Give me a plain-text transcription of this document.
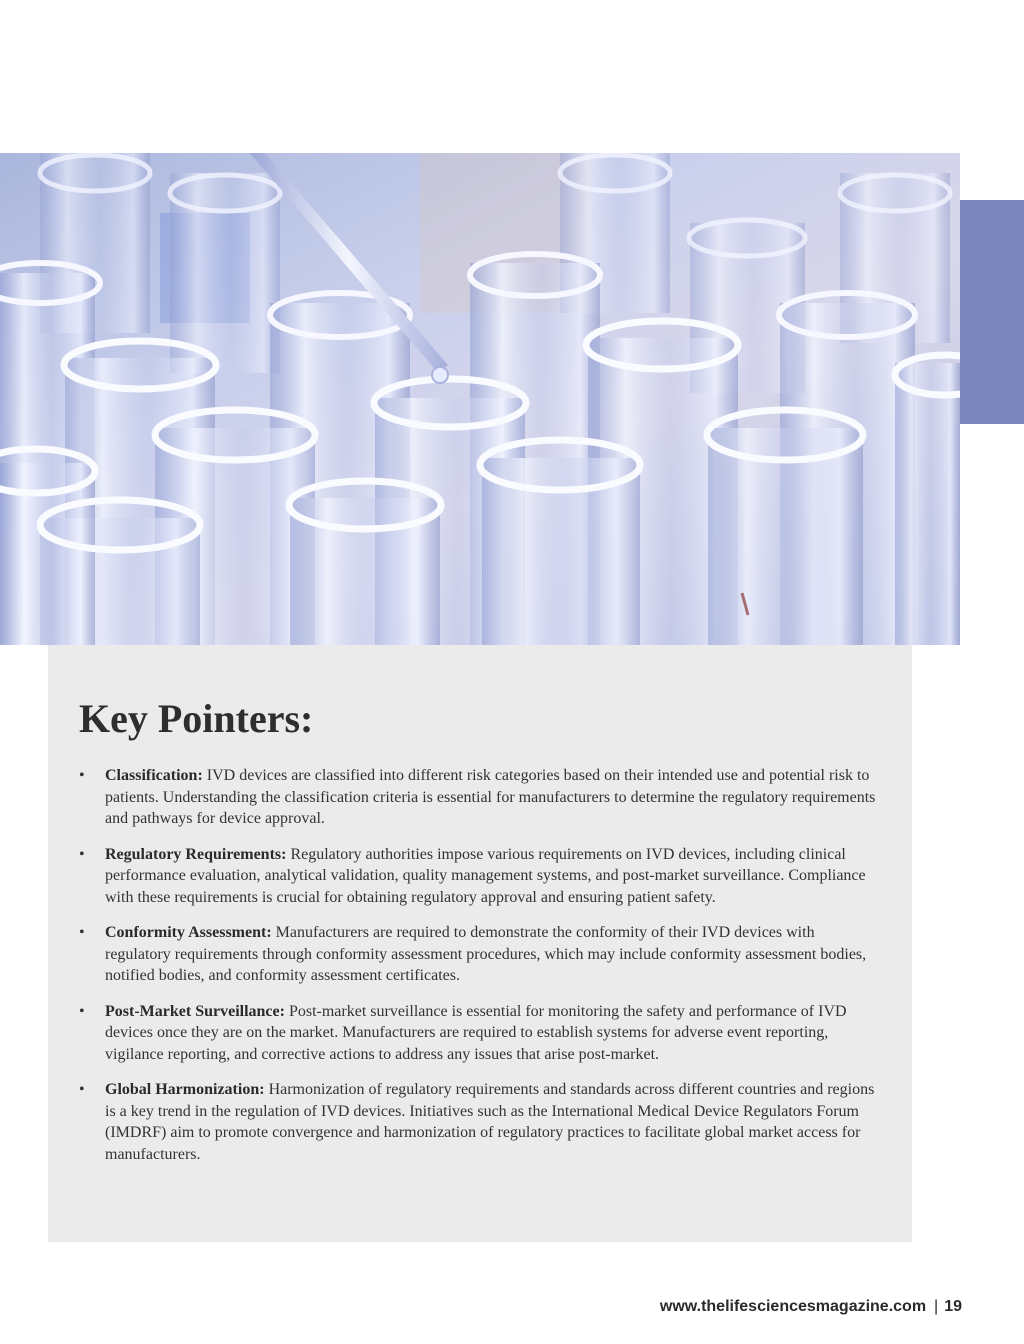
Key Pointers:
• Classification: IVD devices are classified into different risk categories based on their intended use and potential risk to patients. Understanding the classification criteria is essential for manufacturers to determine the regulatory requirements and pathways for device approval.
• Regulatory Requirements: Regulatory authorities impose various requirements on IVD devices, including clinical performance evaluation, analytical validation, quality management systems, and post-market surveillance. Compliance with these requirements is crucial for obtaining regulatory approval and ensuring patient safety.
• Conformity Assessment: Manufacturers are required to demonstrate the conformity of their IVD devices with regulatory requirements through conformity assessment procedures, which may include conformity assessment bodies, notified bodies, and conformity assessment certificates.
• Post-Market Surveillance: Post-market surveillance is essential for monitoring the safety and performance of IVD devices once they are on the market. Manufacturers are required to establish systems for adverse event reporting, vigilance reporting, and corrective actions to address any issues that arise post-market.
• Global Harmonization: Harmonization of regulatory requirements and standards across different countries and regions is a key trend in the regulation of IVD devices. Initiatives such as the International Medical Device Regulators Forum (IMDRF) aim to promote convergence and harmonization of regulatory practices to facilitate global market access for manufacturers.
www.thelifesciencesmagazine.com | 19
